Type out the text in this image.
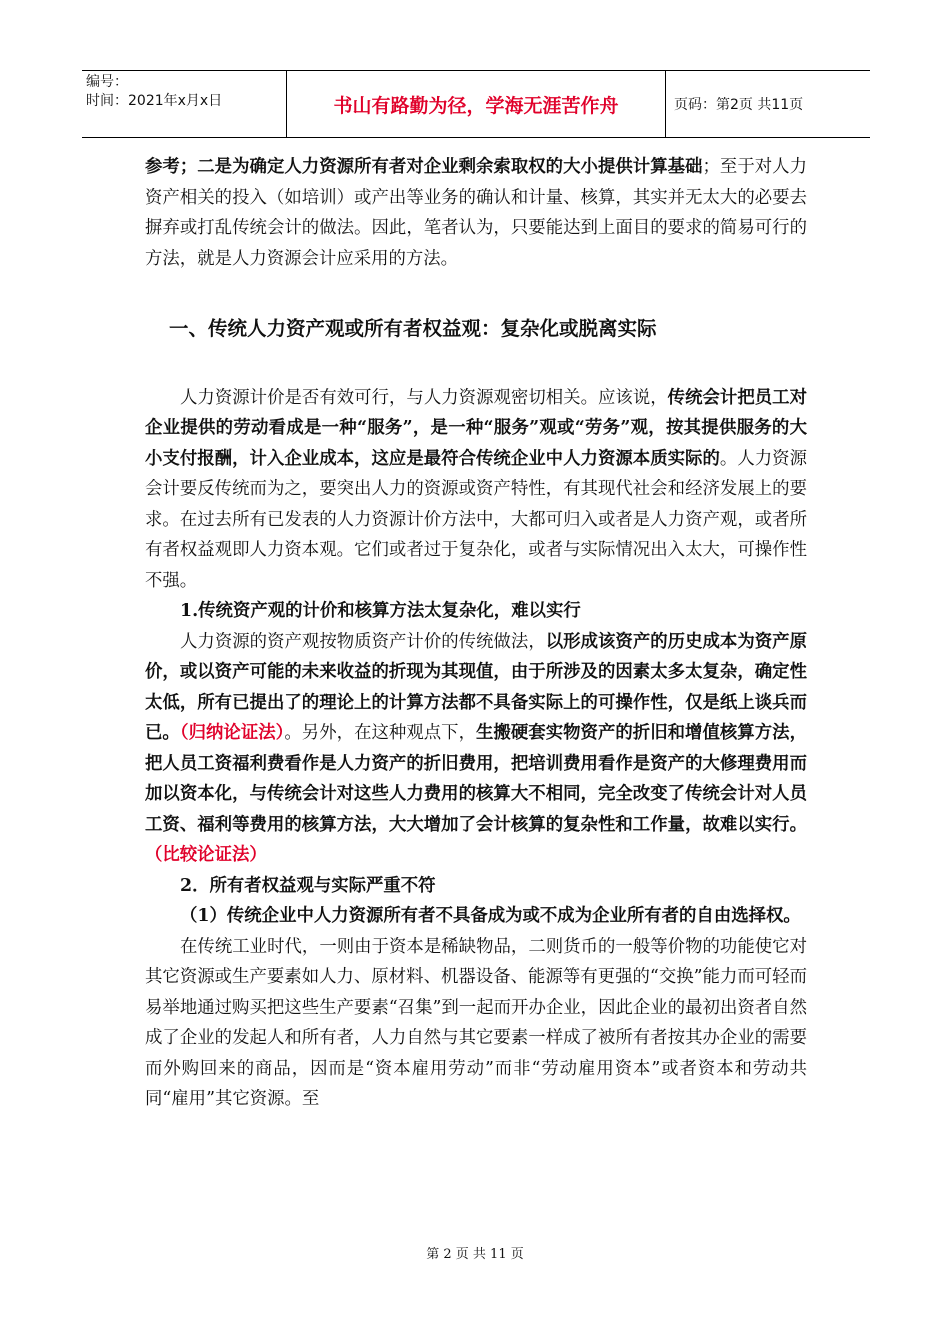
编号：
时间：2021年x月x日	书山有路勤为径，学海无涯苦作舟	页码：第2页 共11页

参考；二是为确定人力资源所有者对企业剩余索取权的大小提供计算基础；至于对人力资产相关的投入（如培训）或产出等业务的确认和计量、核算，其实并无太大的必要去摒弃或打乱传统会计的做法。因此，笔者认为，只要能达到上面目的要求的简易可行的方法，就是人力资源会计应采用的方法。

一、传统人力资产观或所有者权益观：复杂化或脱离实际

人力资源计价是否有效可行，与人力资源观密切相关。应该说，传统会计把员工对企业提供的劳动看成是一种“服务”，是一种“服务”观或“劳务”观，按其提供服务的大小支付报酬，计入企业成本，这应是最符合传统企业中人力资源本质实际的。人力资源会计要反传统而为之，要突出人力的资源或资产特性，有其现代社会和经济发展上的要求。在过去所有已发表的人力资源计价方法中，大都可归入或者是人力资产观，或者所有者权益观即人力资本观。它们或者过于复杂化，或者与实际情况出入太大，可操作性不强。

1.传统资产观的计价和核算方法太复杂化，难以实行

人力资源的资产观按物质资产计价的传统做法，以形成该资产的历史成本为资产原价，或以资产可能的未来收益的折现为其现值，由于所涉及的因素太多太复杂，确定性太低，所有已提出了的理论上的计算方法都不具备实际上的可操作性，仅是纸上谈兵而已。（归纳论证法）。另外，在这种观点下，生搬硬套实物资产的折旧和增值核算方法，把人员工资福利费看作是人力资产的折旧费用，把培训费用看作是资产的大修理费用而加以资本化，与传统会计对这些人力费用的核算大不相同，完全改变了传统会计对人员工资、福利等费用的核算方法，大大增加了会计核算的复杂性和工作量，故难以实行。（比较论证法）

2．所有者权益观与实际严重不符

（1）传统企业中人力资源所有者不具备成为或不成为企业所有者的自由选择权。

在传统工业时代，一则由于资本是稀缺物品，二则货币的一般等价物的功能使它对其它资源或生产要素如人力、原材料、机器设备、能源等有更强的“交换”能力而可轻而易举地通过购买把这些生产要素“召集”到一起而开办企业，因此企业的最初出资者自然成了企业的发起人和所有者，人力自然与其它要素一样成了被所有者按其办企业的需要而外购回来的商品，因而是“资本雇用劳动”而非“劳动雇用资本”或者资本和劳动共同“雇用”其它资源。至

第 2 页 共 11 页
